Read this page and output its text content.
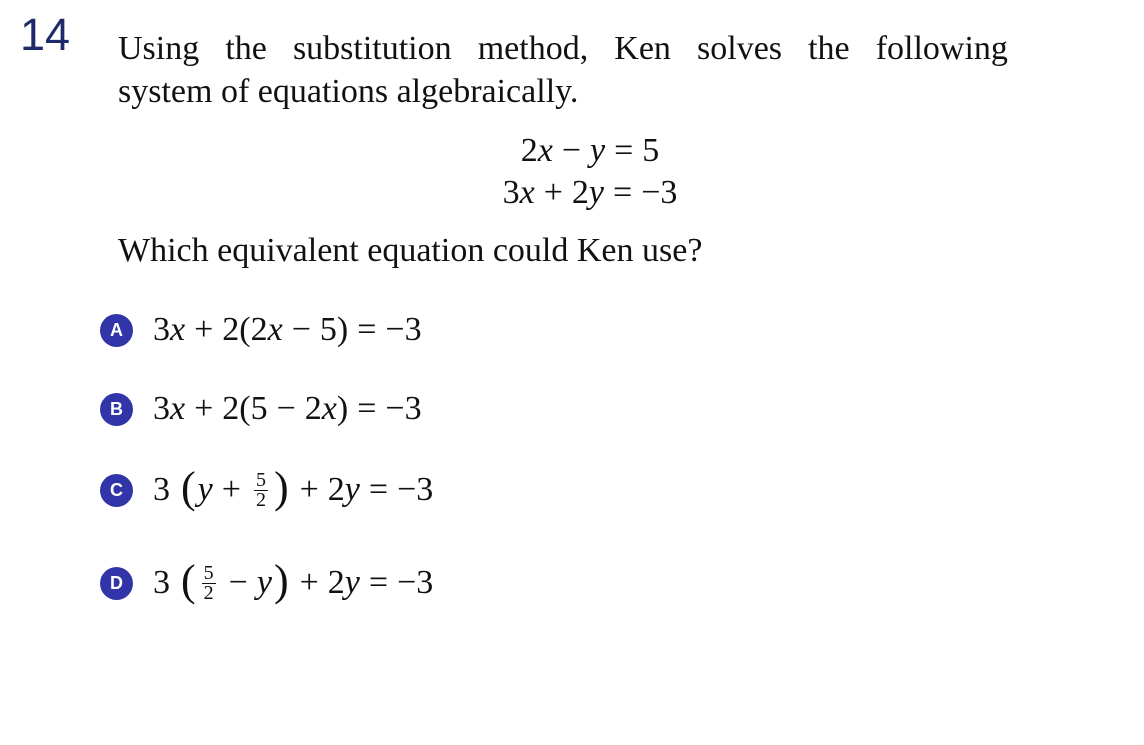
14 Using the substitution method, Ken solves the following
system of equations algebraically.
2x − y = 5
3x + 2y = −3
Which equivalent equation could Ken use?
A 3 x + 2 ( 2 x − 5 ) = − 3
B 3 x + 2 ( 5 − 2 x ) = − 3
C 3 ( $y + \frac{5}{2}$ ) + 2 y = − 3
D 3 ( $\frac{5}{2} - y$ ) + 2 y = − 3
